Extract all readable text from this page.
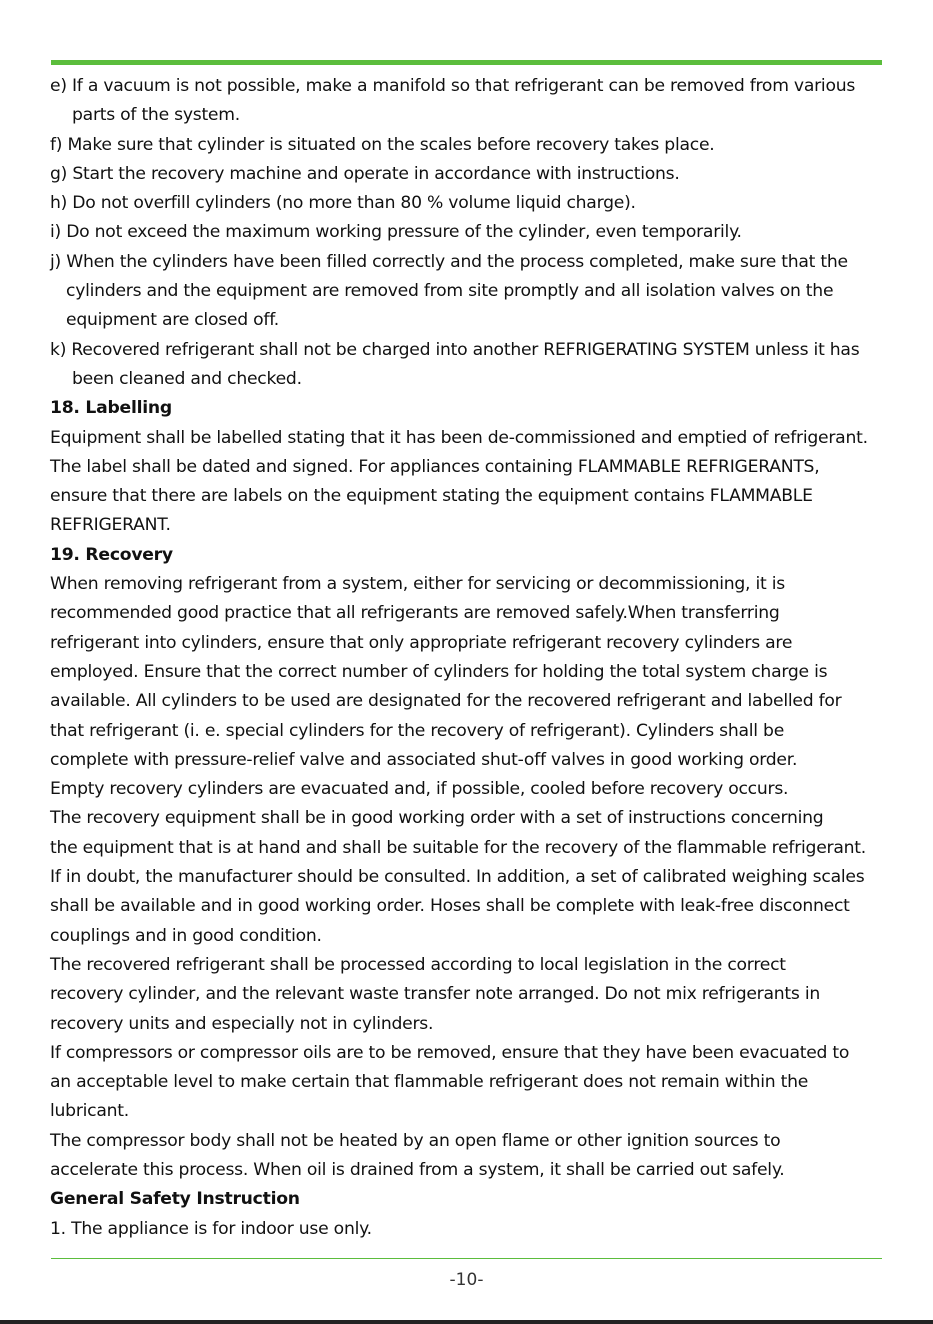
e) If a vacuum is not possible, make a manifold so that refrigerant can be removed from various
parts of the system.
f) Make sure that cylinder is situated on the scales before recovery takes place.
g) Start the recovery machine and operate in accordance with instructions.
h) Do not overfill cylinders (no more than 80 % volume liquid charge).
i) Do not exceed the maximum working pressure of the cylinder, even temporarily.
j) When the cylinders have been filled correctly and the process completed, make sure that the
cylinders and the equipment are removed from site promptly and all isolation valves on the
equipment are closed off.
k) Recovered refrigerant shall not be charged into another REFRIGERATING SYSTEM unless it has
been cleaned and checked.
18. Labelling
Equipment shall be labelled stating that it has been de-commissioned and emptied of refrigerant.
The label shall be dated and signed. For appliances containing FLAMMABLE REFRIGERANTS,
ensure that there are labels on the equipment stating the equipment contains FLAMMABLE
REFRIGERANT.
19. Recovery
When removing refrigerant from a system, either for servicing or decommissioning, it is
recommended good practice that all refrigerants are removed safely.When transferring
refrigerant into cylinders, ensure that only appropriate refrigerant recovery cylinders are
employed. Ensure that the correct number of cylinders for holding the total system charge is
available. All cylinders to be used are designated for the recovered refrigerant and labelled for
that refrigerant (i. e. special cylinders for the recovery of refrigerant). Cylinders shall be
complete with pressure-relief valve and associated shut-off valves in good working order.
Empty recovery cylinders are evacuated and, if possible, cooled before recovery occurs.
The recovery equipment shall be in good working order with a set of instructions concerning
the equipment that is at hand and shall be suitable for the recovery of the flammable refrigerant.
If in doubt, the manufacturer should be consulted. In addition, a set of calibrated weighing scales
shall be available and in good working order. Hoses shall be complete with leak-free disconnect
couplings and in good condition.
The recovered refrigerant shall be processed according to local legislation in the correct
recovery cylinder, and the relevant waste transfer note arranged. Do not mix refrigerants in
recovery units and especially not in cylinders.
If compressors or compressor oils are to be removed, ensure that they have been evacuated to
an acceptable level to make certain that flammable refrigerant does not remain within the
lubricant.
The compressor body shall not be heated by an open flame or other ignition sources to
accelerate this process. When oil is drained from a system, it shall be carried out safely.
General Safety Instruction
1. The appliance is for indoor use only.
-10-
